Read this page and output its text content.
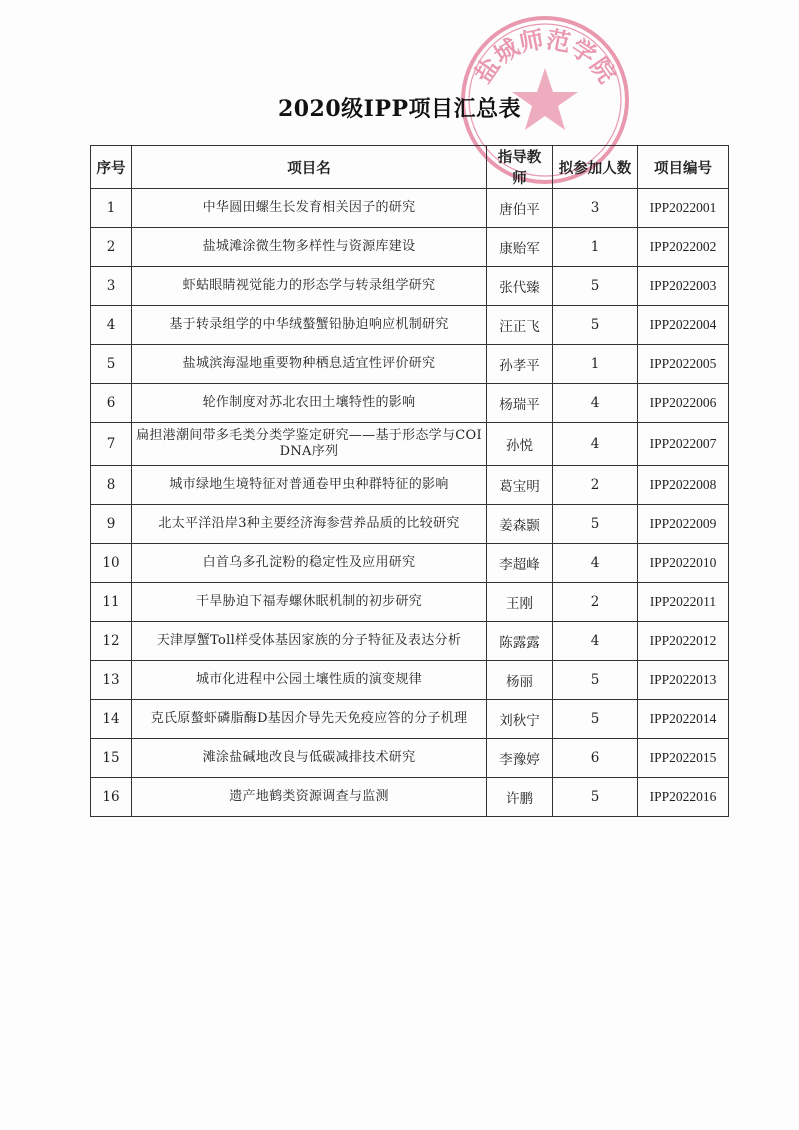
盐城师范学院
2020级IPP项目汇总表
序号	项目名	指导教师	拟参加人数	项目编号
1	中华圆田螺生长发育相关因子的研究	唐伯平	3	IPP2022001
2	盐城滩涂微生物多样性与资源库建设	康贻军	1	IPP2022002
3	虾蛄眼睛视觉能力的形态学与转录组学研究	张代臻	5	IPP2022003
4	基于转录组学的中华绒螯蟹铅胁迫响应机制研究	汪正飞	5	IPP2022004
5	盐城滨海湿地重要物种栖息适宜性评价研究	孙孝平	1	IPP2022005
6	轮作制度对苏北农田土壤特性的影响	杨瑞平	4	IPP2022006
7	扁担港潮间带多毛类分类学鉴定研究——基于形态学与COI DNA序列	孙悦	4	IPP2022007
8	城市绿地生境特征对普通卷甲虫种群特征的影响	葛宝明	2	IPP2022008
9	北太平洋沿岸3种主要经济海参营养品质的比较研究	姜森颢	5	IPP2022009
10	白首乌多孔淀粉的稳定性及应用研究	李超峰	4	IPP2022010
11	干旱胁迫下福寿螺休眠机制的初步研究	王刚	2	IPP2022011
12	天津厚蟹Toll样受体基因家族的分子特征及表达分析	陈露露	4	IPP2022012
13	城市化进程中公园土壤性质的演变规律	杨丽	5	IPP2022013
14	克氏原螯虾磷脂酶D基因介导先天免疫应答的分子机理	刘秋宁	5	IPP2022014
15	滩涂盐碱地改良与低碳减排技术研究	李豫婷	6	IPP2022015
16	遗产地鹤类资源调查与监测	许鹏	5	IPP2022016
